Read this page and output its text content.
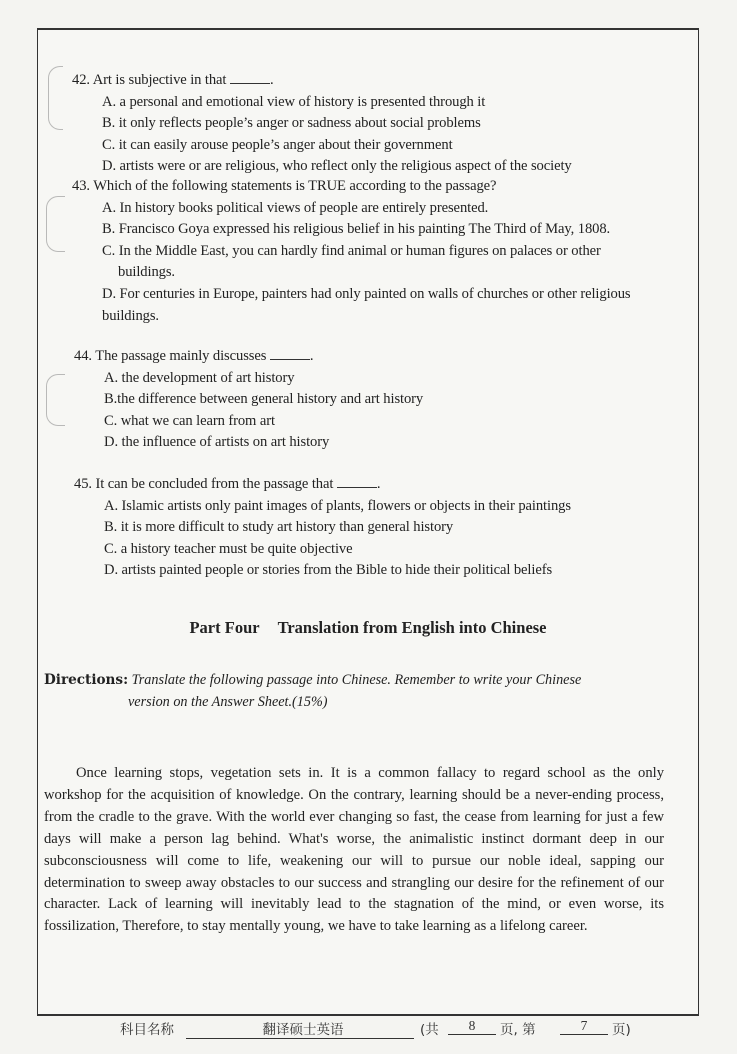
42. Art is subjective in that	.
A. a personal and emotional view of history is presented through it
B. it only reflects people’s anger or sadness about social problems
C. it can easily arouse people’s anger about their government
D. artists were or are religious, who reflect only the religious aspect of the society
43. Which of the following statements is TRUE according to the passage?
A. In history books political views of people are entirely presented.
B. Francisco Goya expressed his religious belief in his painting The Third of May, 1808.
C. In the Middle East, you can hardly find animal or human figures on palaces or other
buildings.
D. For centuries in Europe, painters had only painted on walls of churches or other religious
buildings.
44. The passage mainly discusses	.
A. the development of art history
B.the difference between general history and art history
C. what we can learn from art
D. the influence of artists on art history
45. It can be concluded from the passage that	.
A. Islamic artists only paint images of plants, flowers or objects in their paintings
B. it is more difficult to study art history than general history
C. a history teacher must be quite objective
D. artists painted people or stories from the Bible to hide their political beliefs
Part Four Translation from English into Chinese
Directions: Translate the following passage into Chinese. Remember to write your Chinese
version on the Answer Sheet.(15%)
Once learning stops, vegetation sets in. It is a common fallacy to regard school as the only workshop for the acquisition of knowledge. On the contrary, learning should be a never-ending process, from the cradle to the grave. With the world ever changing so fast, the cease from learning for just a few days will make a person lag behind. What's worse, the animalistic instinct dormant deep in our subconsciousness will come to life, weakening our will to pursue our noble ideal, sapping our determination to sweep away obstacles to our success and strangling our desire for the refinement of our character. Lack of learning will inevitably lead to the stagnation of the mind, or even worse, its fossilization, Therefore, to stay mentally young, we have to take learning as a lifelong career.
科目名称	翻译硕士英语	(共	8	页, 第	7	页)
